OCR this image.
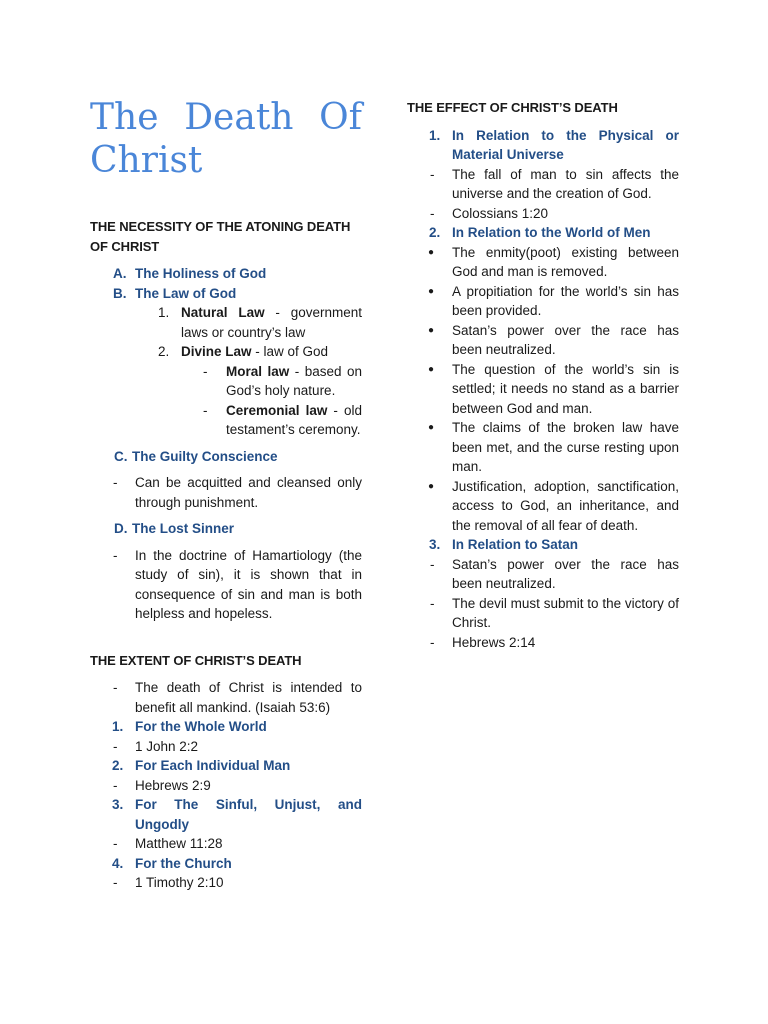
The Death Of
Christ

THE NECESSITY OF THE ATONING DEATH OF CHRIST

A. The Holiness of God
B. The Law of God
1. Natural Law - government laws or country’s law
2. Divine Law - law of God
- Moral law - based on God’s holy nature.
- Ceremonial law - old testament’s ceremony.
C. The Guilty Conscience
- Can be acquitted and cleansed only through punishment.
D. The Lost Sinner
- In the doctrine of Hamartiology (the study of sin), it is shown that in consequence of sin and man is both helpless and hopeless.

THE EXTENT OF CHRIST’S DEATH

- The death of Christ is intended to benefit all mankind. (Isaiah 53:6)
1. For the Whole World
- 1 John 2:2
2. For Each Individual Man
- Hebrews 2:9
3. For The Sinful, Unjust, and Ungodly
- Matthew 11:28
4. For the Church
- 1 Timothy 2:10

THE EFFECT OF CHRIST’S DEATH

1. In Relation to the Physical or Material Universe
- The fall of man to sin affects the universe and the creation of God.
- Colossians 1:20
2. In Relation to the World of Men
● The enmity(poot) existing between God and man is removed.
● A propitiation for the world’s sin has been provided.
● Satan’s power over the race has been neutralized.
● The question of the world’s sin is settled; it needs no stand as a barrier between God and man.
● The claims of the broken law have been met, and the curse resting upon man.
● Justification, adoption, sanctification, access to God, an inheritance, and the removal of all fear of death.
3. In Relation to Satan
- Satan’s power over the race has been neutralized.
- The devil must submit to the victory of Christ.
- Hebrews 2:14
